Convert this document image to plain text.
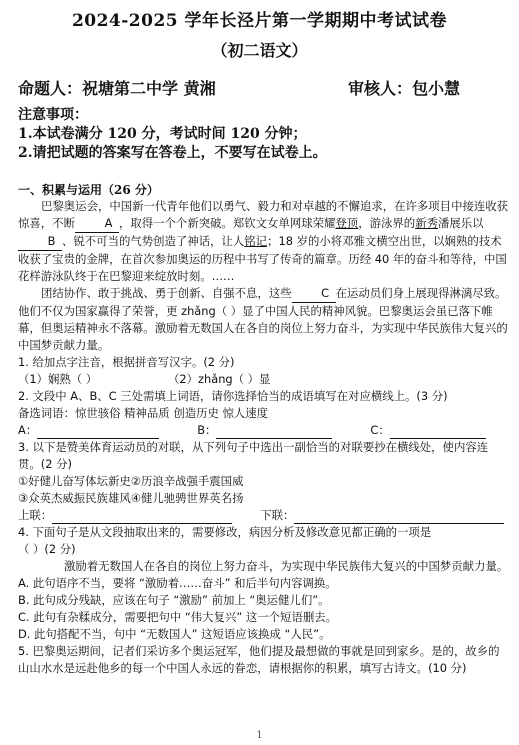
2024-2025 学年长泾片第一学期期中考试试卷
（初二语文）
命题人：祝塘第二中学 黄湘	审核人：包小慧
注意事项：
1.本试卷满分 120 分，考试时间 120 分钟；
2.请把试题的答案写在答卷上，不要写在试卷上。
一、积累与运用（26 分）

巴黎奥运会，中国新一代青年他们以勇气、毅力和对卓越的不懈追求，在许多项目中接连收获惊喜，不断	A ，取得一个个新突破。郑钦文女单网球荣耀登顶，游泳界的新秀潘展乐以B 、锐不可当的气势创造了神话，让人铭记；18 岁的小将邓雅文横空出世，以娴熟的技术收获了宝贵的金牌，在首次参加奥运的历程中书写了传奇的篇章。历经 40 年的奋斗和等待，中国花样游泳队终于在巴黎迎来绽放时刻。……

团结协作、敢于挑战、勇于创新、自强不息，这些	C 在运动员们身上展现得淋漓尽致。他们不仅为国家赢得了荣誉，更 zhǎng（ ）显了中国人民的精神风貌。巴黎奥运会虽已落下帷幕，但奥运精神永不落幕。激励着无数国人在各自的岗位上努力奋斗，为实现中华民族伟大复兴的中国梦贡献力量。

1. 给加点字注音，根据拼音写汉字。(2 分)

（1）娴熟（ ）	（2）zhǎng（ ）显

2. 文段中 A、B、C 三处需填上词语，请你选择恰当的成语填写在对应横线上。(3 分)

备选词语：惊世骇俗 精神品质 创造历史 惊人速度

A：	B：	C：

3. 以下是赞美体育运动员的对联，从下列句子中选出一副恰当的对联要抄在横线处，使内容连贯。(2 分)

①好健儿奋写体坛新史②历浪辛战强手震国威

③众英杰威振民族雄风④健儿驰骋世界英名扬

上联：	下联：

4. 下面句子是从文段抽取出来的，需要修改，病因分析及修改意见都正确的一项是

（ ）(2 分)

激励着无数国人在各自的岗位上努力奋斗，为实现中华民族伟大复兴的中国梦贡献力量。

A. 此句语序不当，要将 “激励着……奋斗” 和后半句内容调换。

B. 此句成分残缺，应该在句子 “激励” 前加上 “奥运健儿们”。

C. 此句有杂糅成分，需要把句中 “伟大复兴” 这一个短语删去。

D. 此句搭配不当，句中 “无数国人” 这短语应该换成 “人民”。

5. 巴黎奥运期间，记者们采访多个奥运冠军，他们提及最想做的事就是回到家乡。是的，故乡的山山水水是远赴他乡的每一个中国人永远的眷恋，请根据你的积累，填写古诗文。(10 分)

1
